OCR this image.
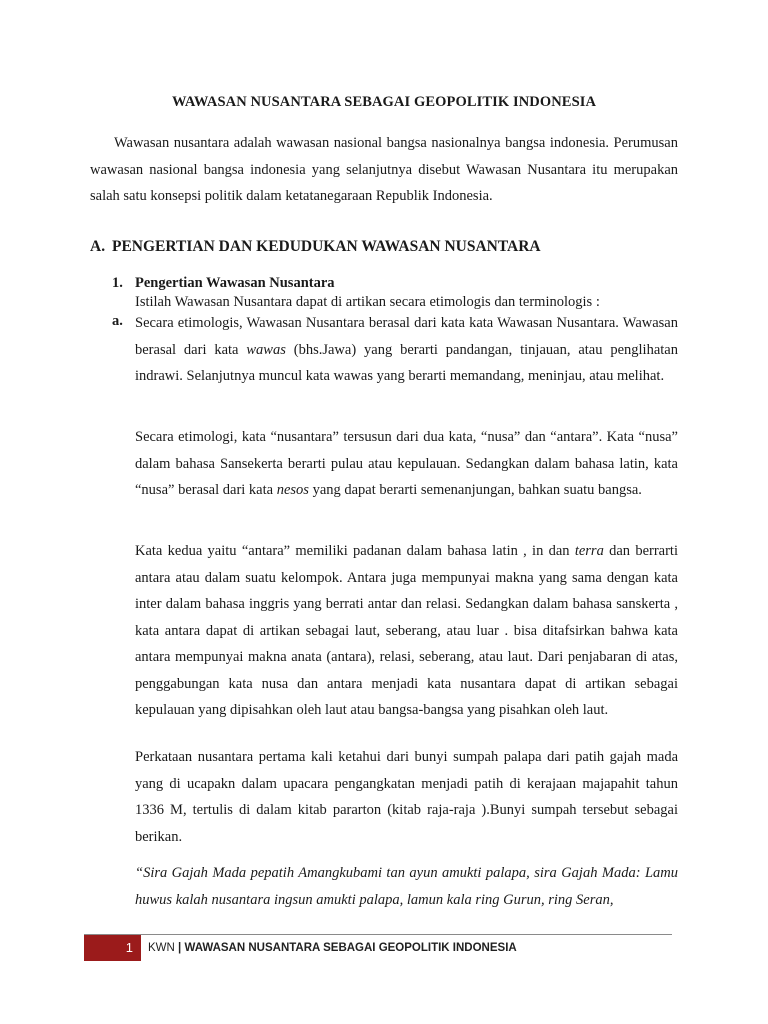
WAWASAN NUSANTARA SEBAGAI GEOPOLITIK INDONESIA

Wawasan nusantara adalah wawasan nasional bangsa nasionalnya bangsa indonesia. Perumusan wawasan nasional bangsa indonesia yang selanjutnya disebut Wawasan Nusantara itu merupakan salah satu konsepsi politik dalam ketatanegaraan Republik Indonesia.

A. PENGERTIAN DAN KEDUDUKAN WAWASAN NUSANTARA
1. Pengertian Wawasan Nusantara
Istilah Wawasan Nusantara dapat di artikan secara etimologis dan terminologis :
a. Secara etimologis, Wawasan Nusantara berasal dari kata kata Wawasan Nusantara. Wawasan berasal dari kata wawas (bhs.Jawa) yang berarti pandangan, tinjauan, atau penglihatan indrawi. Selanjutnya muncul kata wawas yang berarti memandang, meninjau, atau melihat.

Secara etimologi, kata “nusantara” tersusun dari dua kata, “nusa” dan “antara”. Kata “nusa” dalam bahasa Sansekerta berarti pulau atau kepulauan. Sedangkan dalam bahasa latin, kata “nusa” berasal dari kata nesos yang dapat berarti semenanjungan, bahkan suatu bangsa.

Kata kedua yaitu “antara” memiliki padanan dalam bahasa latin , in dan terra dan berrarti antara atau dalam suatu kelompok. Antara juga mempunyai makna yang sama dengan kata inter dalam bahasa inggris yang berrati antar dan relasi. Sedangkan dalam bahasa sanskerta , kata antara dapat di artikan sebagai laut, seberang, atau luar . bisa ditafsirkan bahwa kata antara mempunyai makna anata (antara), relasi, seberang, atau laut. Dari penjabaran di atas, penggabungan kata nusa dan antara menjadi kata nusantara dapat di artikan sebagai kepulauan yang dipisahkan oleh laut atau bangsa-bangsa yang pisahkan oleh laut.

Perkataan nusantara pertama kali ketahui dari bunyi sumpah palapa dari patih gajah mada yang di ucapakn dalam upacara pengangkatan menjadi patih di kerajaan majapahit tahun 1336 M, tertulis di dalam kitab pararton (kitab raja-raja ).Bunyi sumpah tersebut sebagai berikan.

“Sira Gajah Mada pepatih Amangkubami tan ayun amukti palapa, sira Gajah Mada: Lamu huwus kalah nusantara ingsun amukti palapa, lamun kala ring Gurun, ring Seran,

1	KWN | WAWASAN NUSANTARA SEBAGAI GEOPOLITIK INDONESIA
